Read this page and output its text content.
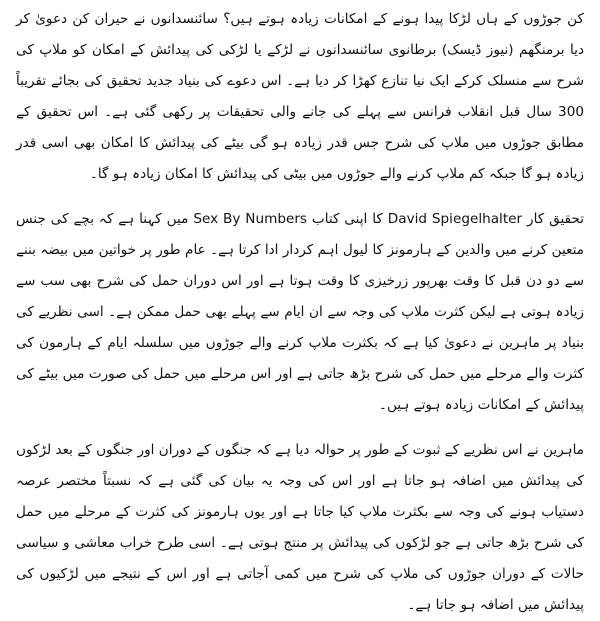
کن جوڑوں کے ہاں لڑکا پیدا ہونے کے امکانات زیادہ ہوتے ہیں؟ سائنسدانوں نے حیران کن دعویٰ کر دیا برمنگھم (نیوز ڈیسک) برطانوی سائنسدانوں نے لڑکے یا لڑکی کی پیدائش کے امکان کو ملاپ کی شرح سے منسلک کرکے ایک نیا تنازع کھڑا کر دیا ہے۔ اس دعوے کی بنیاد جدید تحقیق کی بجائے تقریباً 300 سال قبل انقلاب فرانس سے پہلے کی جانے والی تحقیقات پر رکھی گئی ہے۔ اس تحقیق کے مطابق جوڑوں میں ملاپ کی شرح جس قدر زیادہ ہو گی بیٹے کی پیدائش کا امکان بھی اسی قدر زیادہ ہو گا جبکہ کم ملاپ کرنے والے جوڑوں میں بیٹی کی پیدائش کا امکان زیادہ ہو گا۔

تحقیق کار David Spiegelhalter کا اپنی کتاب Sex By Numbers میں کہنا ہے کہ بچے کی جنس متعین کرنے میں والدین کے ہارمونز کا لیول اہم کردار ادا کرتا ہے۔ عام طور پر خواتین میں بیضہ بننے سے دو دن قبل کا وقت بھرپور زرخیزی کا وقت ہوتا ہے اور اس دوران حمل کی شرح بھی سب سے زیادہ ہوتی ہے لیکن کثرت ملاپ کی وجہ سے ان ایام سے پہلے بھی حمل ممکن ہے۔ اسی نظریے کی بنیاد پر ماہرین نے دعویٰ کیا ہے کہ بکثرت ملاپ کرنے والے جوڑوں میں سلسلہ ایام کے ہارمون کی کثرت والے مرحلے میں حمل کی شرح بڑھ جاتی ہے اور اس مرحلے میں حمل کی صورت میں بیٹے کی پیدائش کے امکانات زیادہ ہوتے ہیں۔

ماہرین نے اس نظریے کے ثبوت کے طور پر حوالہ دیا ہے کہ جنگوں کے دوران اور جنگوں کے بعد لڑکوں کی پیدائش میں اضافہ ہو جاتا ہے اور اس کی وجہ یہ بیان کی گئی ہے کہ نسبتاً مختصر عرصہ دستیاب ہونے کی وجہ سے بکثرت ملاپ کیا جاتا ہے اور یوں ہارمونز کی کثرت کے مرحلے میں حمل کی شرح بڑھ جاتی ہے جو لڑکوں کی پیدائش پر منتج ہوتی ہے۔ اسی طرح خراب معاشی و سیاسی حالات کے دوران جوڑوں کی ملاپ کی شرح میں کمی آجاتی ہے اور اس کے نتیجے میں لڑکیوں کی پیدائش میں اضافہ ہو جاتا ہے۔
